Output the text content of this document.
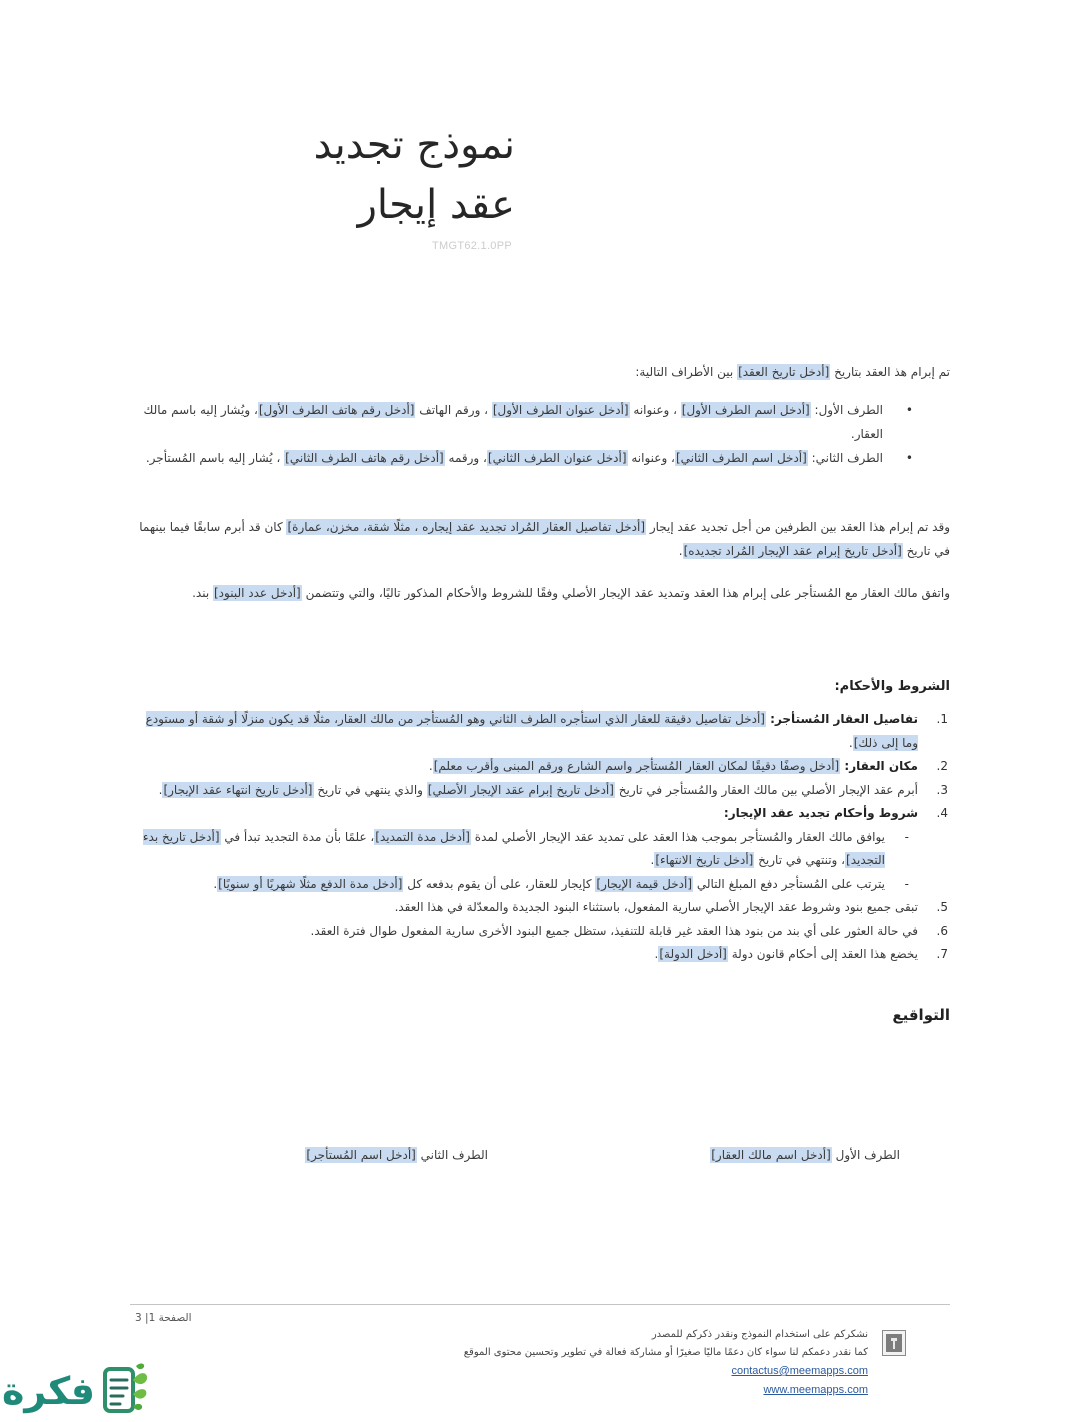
نموذج تجديد
عقد إيجار
TMGT62.1.0PP

تم إبرام هذ العقد بتاريخ [أدخل تاريخ العقد] بين الأطراف التالية:

•
الطرف الأول: [أدخل اسم الطرف الأول] ، وعنوانه [أدخل عنوان الطرف الأول] ، ورقم الهاتف [أدخل رقم هاتف الطرف الأول]، ويُشار إليه باسم مالك العقار.
•
الطرف الثاني: [أدخل اسم الطرف الثاني]، وعنوانه [أدخل عنوان الطرف الثاني]، ورقمه [أدخل رقم هاتف الطرف الثاني] ، يُشار إليه باسم المُستأجر.

وقد تم إبرام هذا العقد بين الطرفين من أجل تجديد عقد إيجار [أدخل تفاصيل العقار المُراد تجديد عقد إيجاره ، مثلًا شقة، مخزن، عمارة] كان قد أبرم سابقًا فيما بينهما في تاريخ [أدخل تاريخ إبرام عقد الإيجار المُراد تجديده].

واتفق مالك العقار مع المُستأجر على إبرام هذا العقد وتمديد عقد الإيجار الأصلي وفقًا للشروط والأحكام المذكور تاليًا، والتي وتتضمن [أدخل عدد البنود] بند.

الشروط والأحكام:
1.
تفاصيل العقار المُستأجر: [أدخل تفاصيل دقيقة للعقار الذي استأجره الطرف الثاني وهو المُستأجر من مالك العقار، مثلًا قد يكون منزلًا أو شقة أو مستودع وما إلى ذلك].
2.
مكان العقار: [أدخل وصفًا دقيقًا لمكان العقار المُستأجر واسم الشارع ورقم المبنى وأقرب معلم].
3.
أبرم عقد الإيجار الأصلي بين مالك العقار والمُستأجر في تاريخ [أدخل تاريخ إبرام عقد الإيجار الأصلي] والذي ينتهي في تاريخ [أدخل تاريخ انتهاء عقد الإيجار].
4.
شروط وأحكام تجديد عقد الإيجار:
-
يوافق مالك العقار والمُستأجر بموجب هذا العقد على تمديد عقد الإيجار الأصلي لمدة [أدخل مدة التمديد]، علمًا بأن مدة التجديد تبدأ في [أدخل تاريخ بدء التجديد]، وتنتهي في تاريخ [أدخل تاريخ الانتهاء].
-
يترتب على المُستأجر دفع المبلغ التالي [أدخل قيمة الإيجار] كإيجار للعقار، على أن يقوم بدفعه كل [أدخل مدة الدفع مثلًا شهريًا أو سنويًا].
5.
تبقى جميع بنود وشروط عقد الإيجار الأصلي سارية المفعول، باستثناء البنود الجديدة والمعدّلة في هذا العقد.
6.
في حالة العثور على أي بند من بنود هذا العقد غير قابلة للتنفيذ، ستظل جميع البنود الأخرى سارية المفعول طوال فترة العقد.
7.
يخضع هذا العقد إلى أحكام قانون دولة [أدخل الدولة].
التواقيع
الطرف الأول [أدخل اسم مالك العقار]
الطرف الثاني [أدخل اسم المُستأجر]
الصفحة 1| 3
نشكركم على استخدام النموذج ونقدر ذكركم للمصدر
كما نقدر دعمكم لنا سواء كان دعمًا ماليًا صغيرًا أو مشاركة فعالة في تطوير وتحسين محتوى الموقع
contactus@meemapps.com
www.meemapps.com
فكرة
